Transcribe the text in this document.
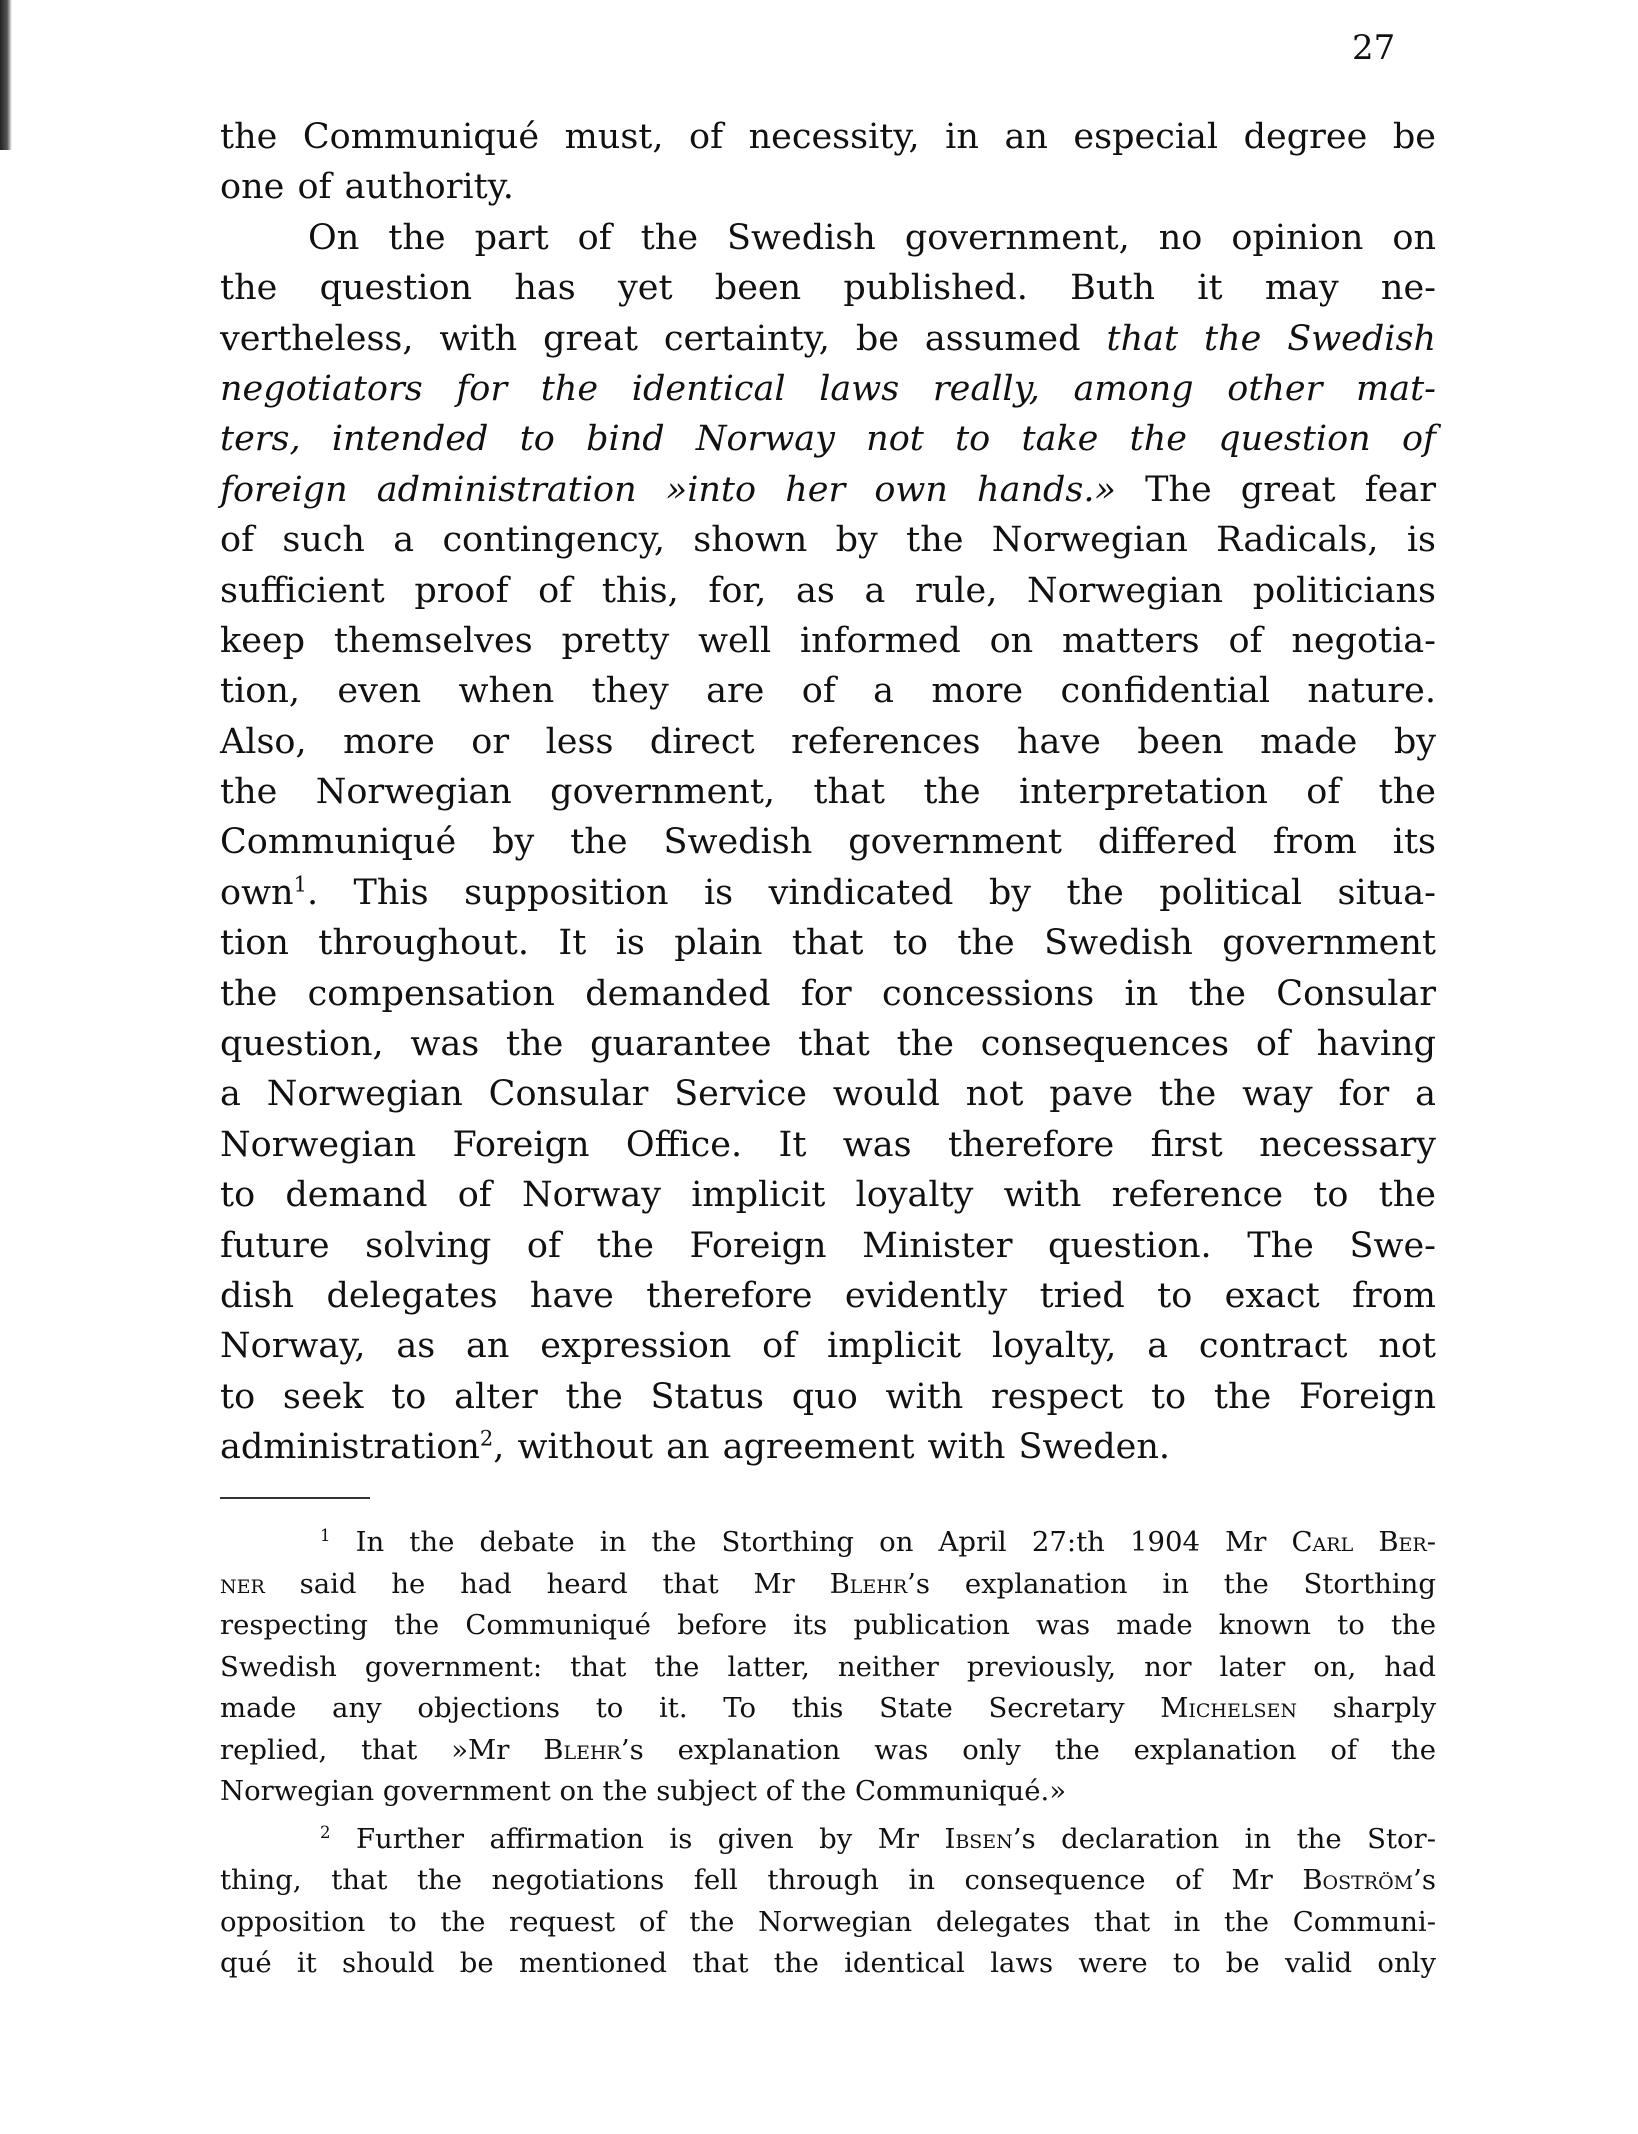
27
the Communiqué must, of necessity, in an especial degree be
one of authority.
On the part of the Swedish government, no opinion on
the question has yet been published. Buth it may ne-
vertheless, with great certainty, be assumed that the Swedish
negotiators for the identical laws really, among other mat-
ters, intended to bind Norway not to take the question of
foreign administration »into her own hands.» The great fear
of such a contingency, shown by the Norwegian Radicals, is
sufficient proof of this, for, as a rule, Norwegian politicians
keep themselves pretty well informed on matters of negotia-
tion, even when they are of a more confidential nature.
Also, more or less direct references have been made by
the Norwegian government, that the interpretation of the
Communiqué by the Swedish government differed from its
own$^1$. This supposition is vindicated by the political situa-
tion throughout. It is plain that to the Swedish government
the compensation demanded for concessions in the Consular
question, was the guarantee that the consequences of having
a Norwegian Consular Service would not pave the way for a
Norwegian Foreign Office. It was therefore first necessary
to demand of Norway implicit loyalty with reference to the
future solving of the Foreign Minister question. The Swe-
dish delegates have therefore evidently tried to exact from
Norway, as an expression of implicit loyalty, a contract not
to seek to alter the Status quo with respect to the Foreign
administration$^2$, without an agreement with Sweden.
$^1$ In the debate in the Storthing on April 27:th 1904 Mr Carl Ber-
ner said he had heard that Mr Blehr’s explanation in the Storthing
respecting the Communiqué before its publication was made known to the
Swedish government: that the latter, neither previously, nor later on, had
made any objections to it. To this State Secretary Michelsen sharply
replied, that »Mr Blehr’s explanation was only the explanation of the
Norwegian government on the subject of the Communiqué.»
$^2$ Further affirmation is given by Mr Ibsen’s declaration in the Stor-
thing, that the negotiations fell through in consequence of Mr Boström’s
opposition to the request of the Norwegian delegates that in the Communi-
qué it should be mentioned that the identical laws were to be valid only
